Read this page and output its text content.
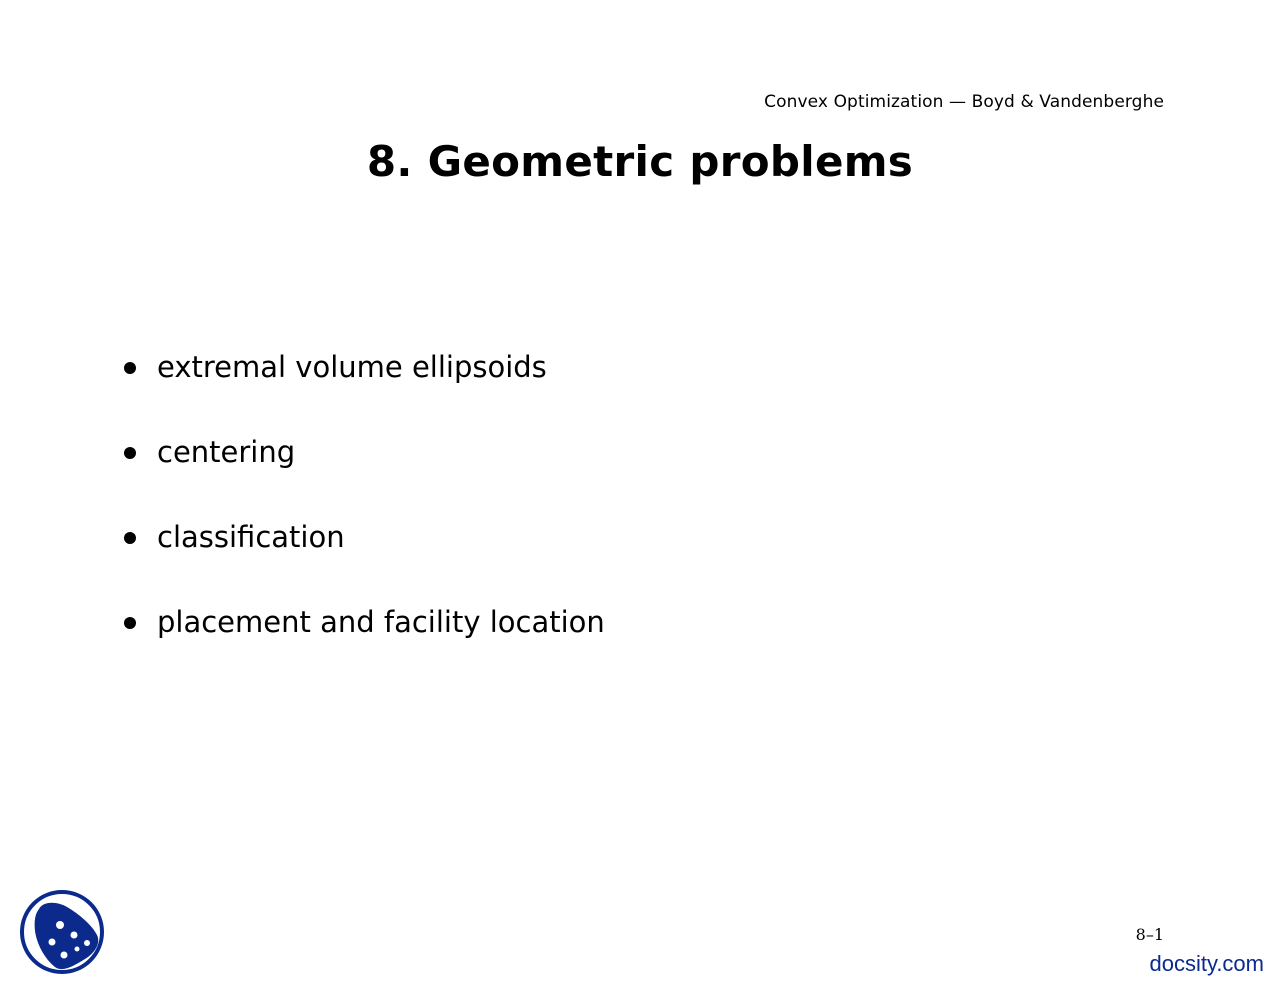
Convex Optimization — Boyd & Vandenberghe
8. Geometric problems
extremal volume ellipsoids
centering
classification
placement and facility location
8–1
docsity.com
